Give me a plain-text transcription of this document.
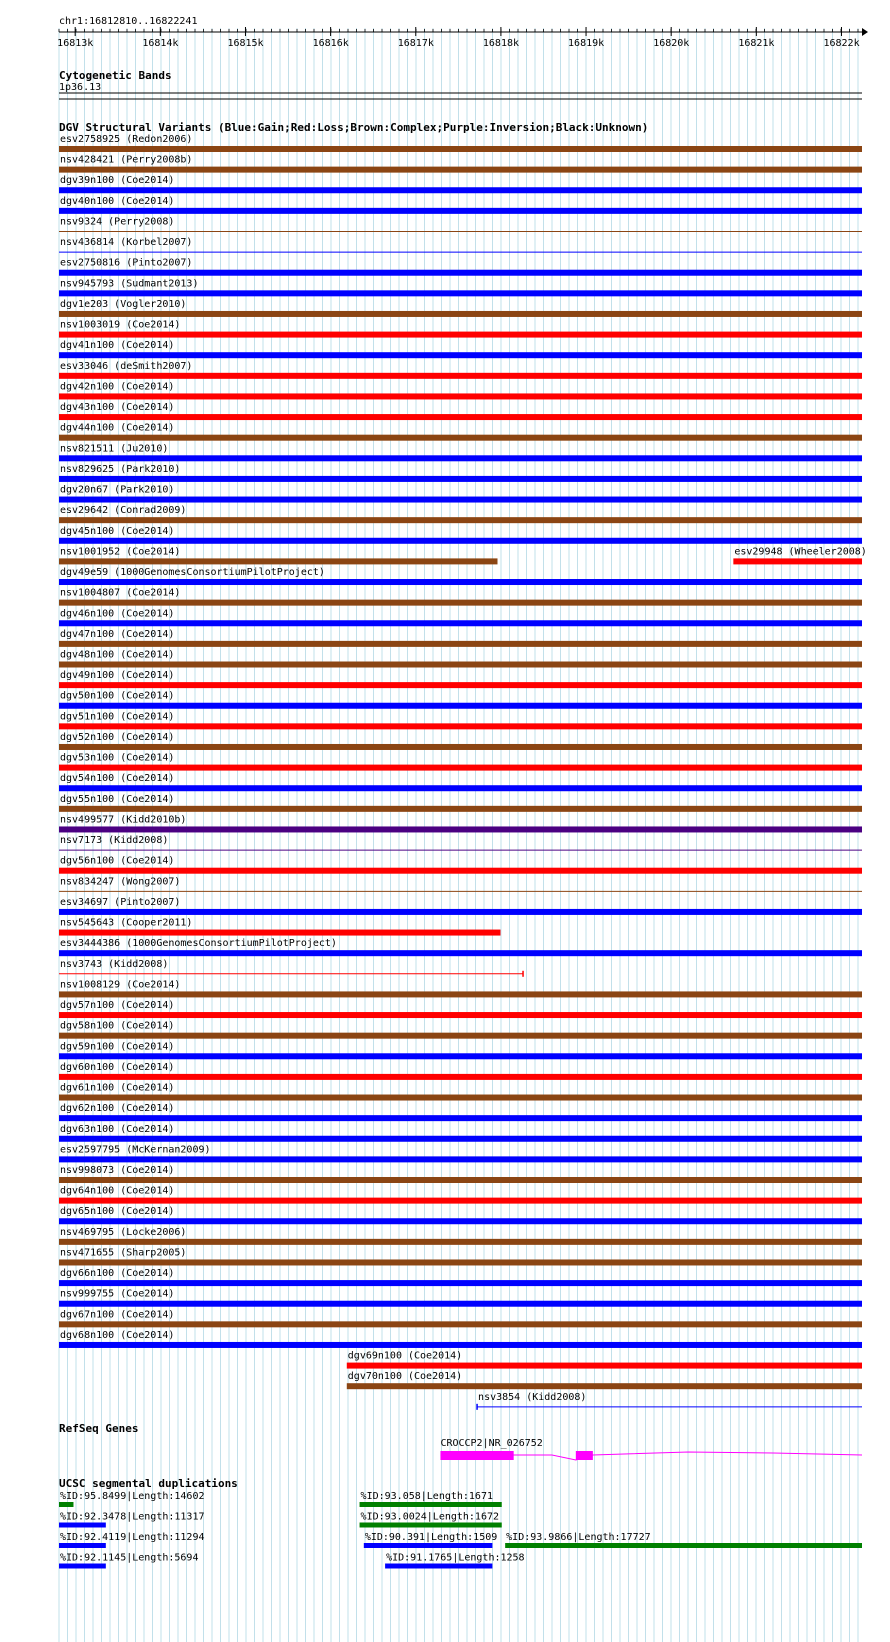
chr1:16812810..16822241
16813k	16814k	16815k	16816k	16817k	16818k	16819k	16820k	16821k	16822k
Cytogenetic Bands
1p36.13
DGV Structural Variants (Blue:Gain;Red:Loss;Brown:Complex;Purple:Inversion;Black:Unknown)
esv2758925 (Redon2006)
nsv428421 (Perry2008b)
dgv39n100 (Coe2014)
dgv40n100 (Coe2014)
nsv9324 (Perry2008)
nsv436814 (Korbel2007)
esv2750816 (Pinto2007)
nsv945793 (Sudmant2013)
dgv1e203 (Vogler2010)
nsv1003019 (Coe2014)
dgv41n100 (Coe2014)
esv33046 (deSmith2007)
dgv42n100 (Coe2014)
dgv43n100 (Coe2014)
dgv44n100 (Coe2014)
nsv821511 (Ju2010)
nsv829625 (Park2010)
dgv20n67 (Park2010)
esv29642 (Conrad2009)
dgv45n100 (Coe2014)
nsv1001952 (Coe2014)	esv29948 (Wheeler2008)
dgv49e59 (1000GenomesConsortiumPilotProject)
nsv1004807 (Coe2014)
dgv46n100 (Coe2014)
dgv47n100 (Coe2014)
dgv48n100 (Coe2014)
dgv49n100 (Coe2014)
dgv50n100 (Coe2014)
dgv51n100 (Coe2014)
dgv52n100 (Coe2014)
dgv53n100 (Coe2014)
dgv54n100 (Coe2014)
dgv55n100 (Coe2014)
nsv499577 (Kidd2010b)
nsv7173 (Kidd2008)
dgv56n100 (Coe2014)
nsv834247 (Wong2007)
esv34697 (Pinto2007)
nsv545643 (Cooper2011)
esv3444386 (1000GenomesConsortiumPilotProject)
nsv3743 (Kidd2008)
nsv1008129 (Coe2014)
dgv57n100 (Coe2014)
dgv58n100 (Coe2014)
dgv59n100 (Coe2014)
dgv60n100 (Coe2014)
dgv61n100 (Coe2014)
dgv62n100 (Coe2014)
dgv63n100 (Coe2014)
esv2597795 (McKernan2009)
nsv998073 (Coe2014)
dgv64n100 (Coe2014)
dgv65n100 (Coe2014)
nsv469795 (Locke2006)
nsv471655 (Sharp2005)
dgv66n100 (Coe2014)
nsv999755 (Coe2014)
dgv67n100 (Coe2014)
dgv68n100 (Coe2014)
dgv69n100 (Coe2014)
dgv70n100 (Coe2014)
nsv3854 (Kidd2008)
RefSeq Genes
CROCCP2|NR_026752
UCSC segmental duplications
%ID:95.8499|Length:14602	%ID:93.058|Length:1671
%ID:92.3478|Length:11317	%ID:93.0024|Length:1672
%ID:92.4119|Length:11294	%ID:90.391|Length:1509 %ID:93.9866|Length:17727
%ID:92.1145|Length:5694	%ID:91.1765|Length:1258
